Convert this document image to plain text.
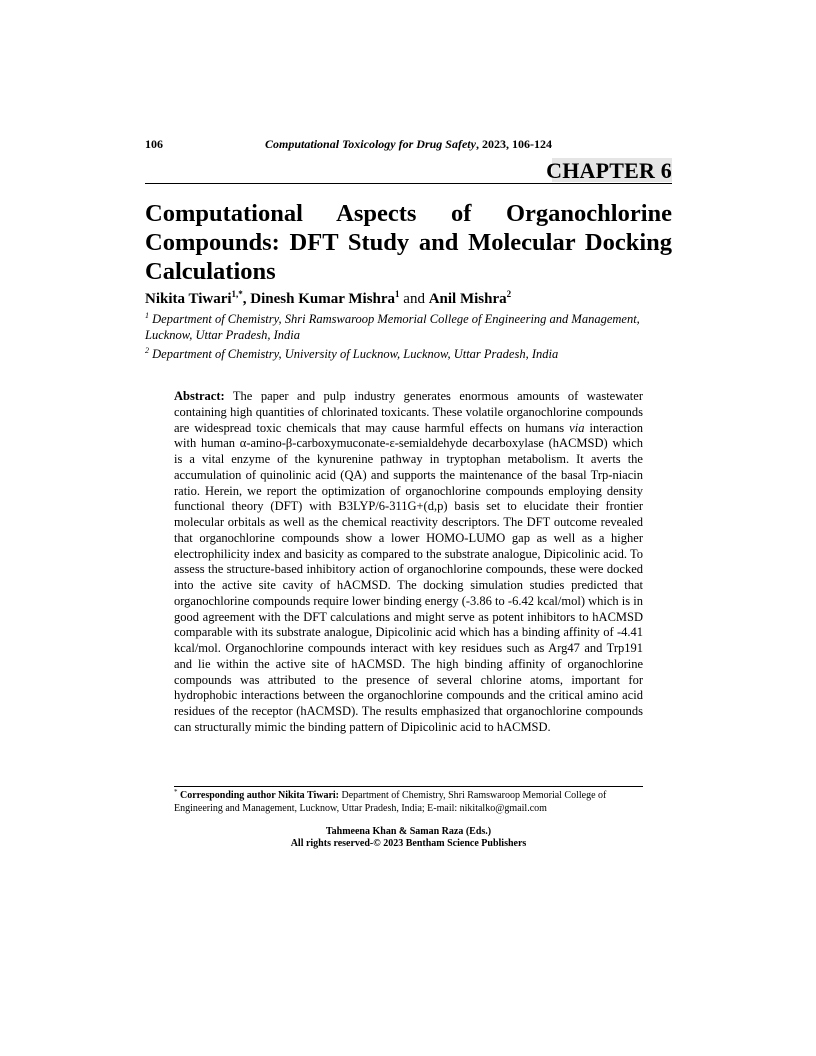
106	Computational Toxicology for Drug Safety, 2023, 106-124
CHAPTER 6
Computational Aspects of Organochlorine Compounds: DFT Study and Molecular Docking Calculations
Nikita Tiwari$^{1,*}$, Dinesh Kumar Mishra$^1$ and Anil Mishra$^2$
$^1$ Department of Chemistry, Shri Ramswaroop Memorial College of Engineering and Management, Lucknow, Uttar Pradesh, India
$^2$ Department of Chemistry, University of Lucknow, Lucknow, Uttar Pradesh, India

Abstract: The paper and pulp industry generates enormous amounts of wastewater containing high quantities of chlorinated toxicants. These volatile organochlorine compounds are widespread toxic chemicals that may cause harmful effects on humans via interaction with human α-amino-β-carboxymuconate-ε-semialdehyde decarboxylase (hACMSD) which is a vital enzyme of the kynurenine pathway in tryptophan metabolism. It averts the accumulation of quinolinic acid (QA) and supports the maintenance of the basal Trp-niacin ratio. Herein, we report the optimization of organochlorine compounds employing density functional theory (DFT) with B3LYP/6-311G+(d,p) basis set to elucidate their frontier molecular orbitals as well as the chemical reactivity descriptors. The DFT outcome revealed that organochlorine compounds show a lower HOMO-LUMO gap as well as a higher electrophilicity index and basicity as compared to the substrate analogue, Dipicolinic acid. To assess the structure-based inhibitory action of organochlorine compounds, these were docked into the active site cavity of hACMSD. The docking simulation studies predicted that organochlorine compounds require lower binding energy (-3.86 to -6.42 kcal/mol) which is in good agreement with the DFT calculations and might serve as potent inhibitors to hACMSD comparable with its substrate analogue, Dipicolinic acid which has a binding affinity of -4.41 kcal/mol. Organochlorine compounds interact with key residues such as Arg47 and Trp191 and lie within the active site of hACMSD. The high binding affinity of organochlorine compounds was attributed to the presence of several chlorine atoms, important for hydrophobic interactions between the organochlorine compounds and the critical amino acid residues of the receptor (hACMSD). The results emphasized that organochlorine compounds can structurally mimic the binding pattern of Dipicolinic acid to hACMSD.

* Corresponding author Nikita Tiwari: Department of Chemistry, Shri Ramswaroop Memorial College of Engineering and Management, Lucknow, Uttar Pradesh, India; E-mail: nikitalko@gmail.com
Tahmeena Khan & Saman Raza (Eds.)
All rights reserved-© 2023 Bentham Science Publishers
